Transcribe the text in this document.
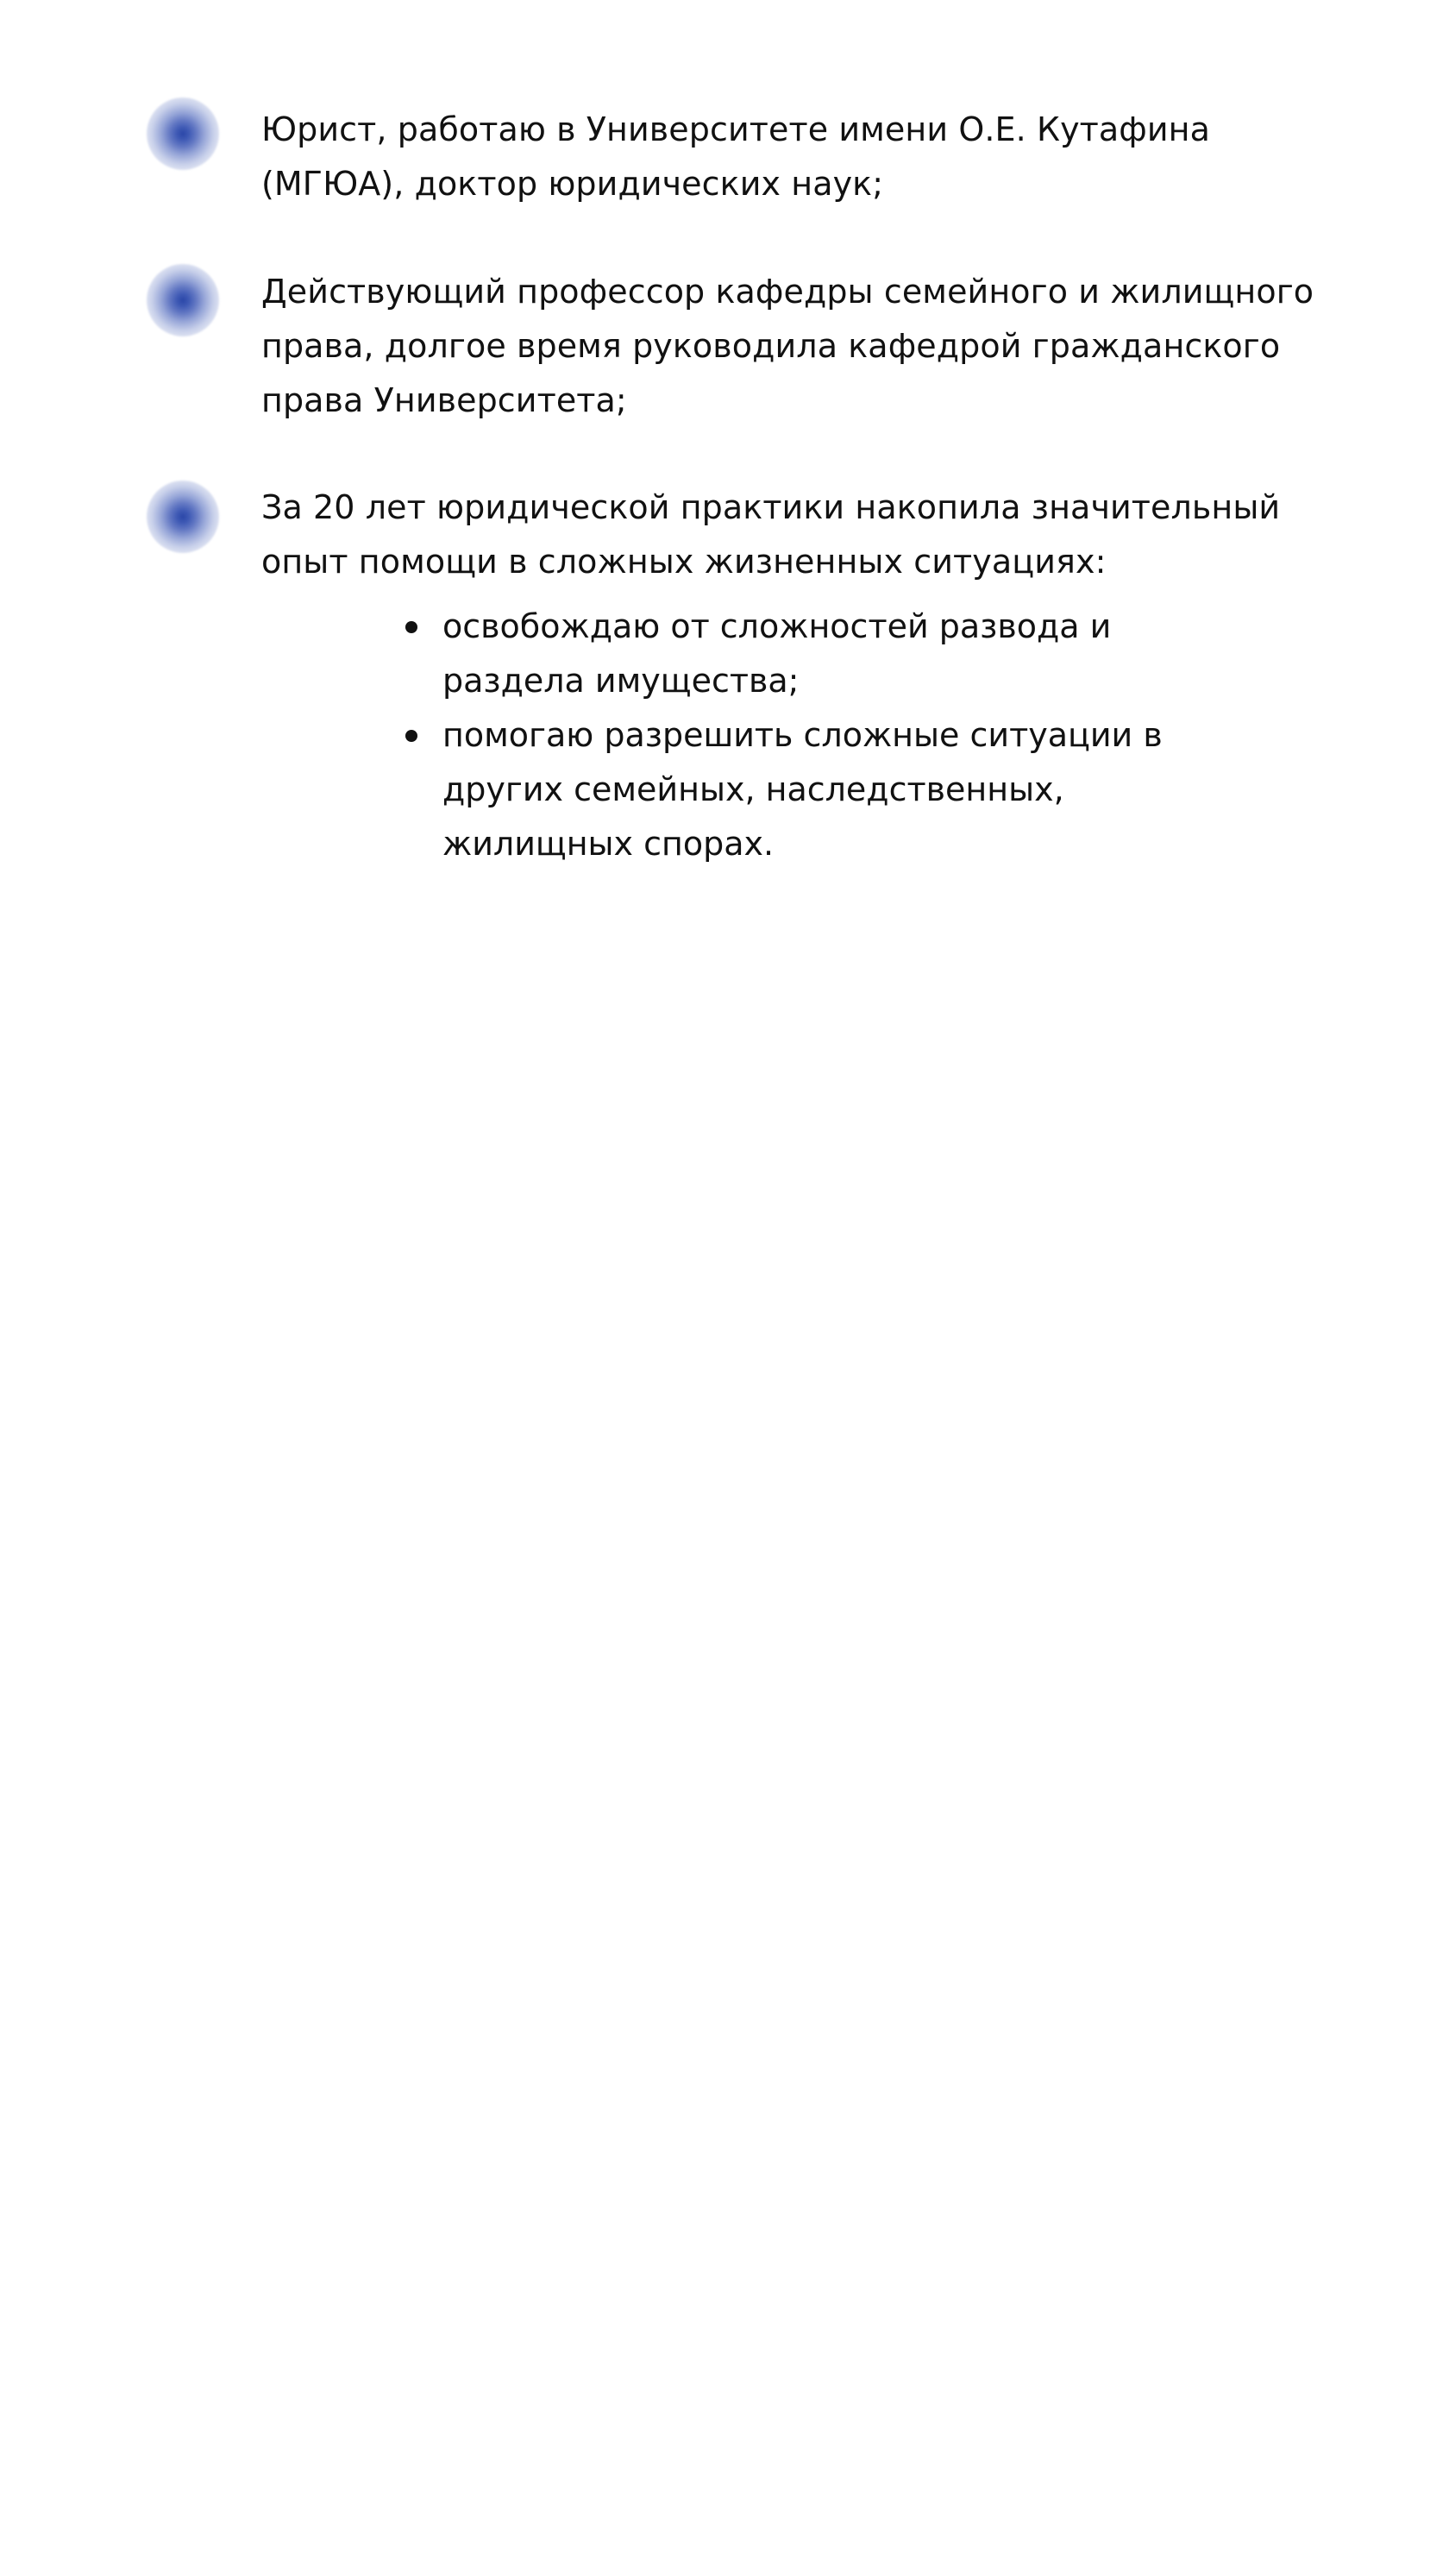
Юрист, работаю в Университете имени О.Е. Кутафина (МГЮА), доктор юридических наук;
Действующий профессор кафедры семейного и жилищного права, долгое время руководила кафедрой гражданского права Университета;
За 20 лет юридической практики накопила значительный опыт помощи в сложных жизненных ситуациях:
освобождаю от сложностей развода и раздела имущества;
помогаю разрешить сложные ситуации в других семейных, наследственных, жилищных спорах.
